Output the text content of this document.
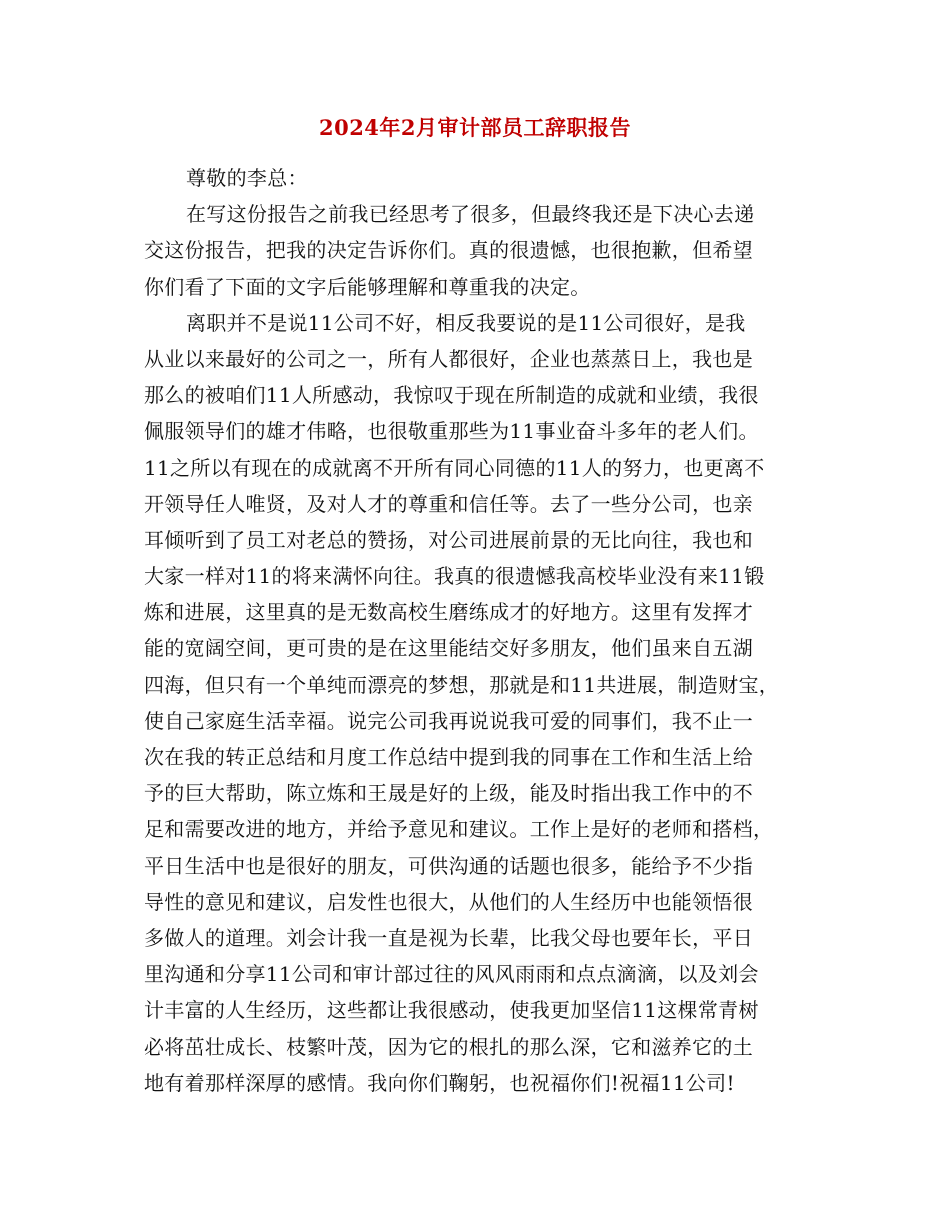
2024年2月审计部员工辞职报告
尊敬的李总：
在写这份报告之前我已经思考了很多，但最终我还是下决心去递
交这份报告，把我的决定告诉你们。真的很遗憾，也很抱歉，但希望
你们看了下面的文字后能够理解和尊重我的决定。
离职并不是说11公司不好，相反我要说的是11公司很好，是我
从业以来最好的公司之一，所有人都很好，企业也蒸蒸日上，我也是
那么的被咱们11人所感动，我惊叹于现在所制造的成就和业绩，我很
佩服领导们的雄才伟略，也很敬重那些为11事业奋斗多年的老人们。
11之所以有现在的成就离不开所有同心同德的11人的努力，也更离不
开领导任人唯贤，及对人才的尊重和信任等。去了一些分公司，也亲
耳倾听到了员工对老总的赞扬，对公司进展前景的无比向往，我也和
大家一样对11的将来满怀向往。我真的很遗憾我高校毕业没有来11锻
炼和进展，这里真的是无数高校生磨练成才的好地方。这里有发挥才
能的宽阔空间，更可贵的是在这里能结交好多朋友，他们虽来自五湖
四海，但只有一个单纯而漂亮的梦想，那就是和11共进展，制造财宝，
使自己家庭生活幸福。说完公司我再说说我可爱的同事们，我不止一
次在我的转正总结和月度工作总结中提到我的同事在工作和生活上给
予的巨大帮助，陈立炼和王晟是好的上级，能及时指出我工作中的不
足和需要改进的地方，并给予意见和建议。工作上是好的老师和搭档，
平日生活中也是很好的朋友，可供沟通的话题也很多，能给予不少指
导性的意见和建议，启发性也很大，从他们的人生经历中也能领悟很
多做人的道理。刘会计我一直是视为长辈，比我父母也要年长，平日
里沟通和分享11公司和审计部过往的风风雨雨和点点滴滴，以及刘会
计丰富的人生经历，这些都让我很感动，使我更加坚信11这棵常青树
必将茁壮成长、枝繁叶茂，因为它的根扎的那么深，它和滋养它的土
地有着那样深厚的感情。我向你们鞠躬，也祝福你们!祝福11公司!
